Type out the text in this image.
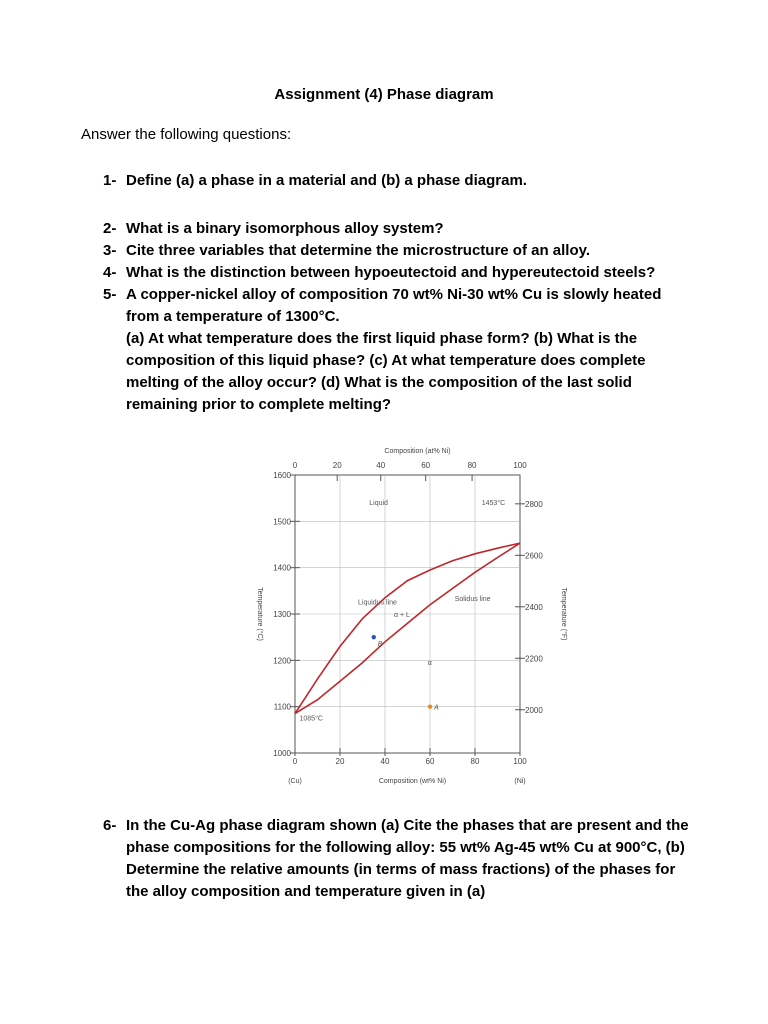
Assignment (4) Phase diagram
Answer the following questions:
1- Define (a) a phase in a material and (b) a phase diagram.
2- What is a binary isomorphous alloy system?
3- Cite three variables that determine the microstructure of an alloy.
4- What is the distinction between hypoeutectoid and hypereutectoid steels?
5- A copper-nickel alloy of composition 70 wt% Ni-30 wt% Cu is slowly heated from a temperature of 1300°C.
(a) At what temperature does the first liquid phase form? (b) What is the composition of this liquid phase? (c) At what temperature does complete melting of the alloy occur? (d) What is the composition of the last solid remaining prior to complete melting?
1000
1100
1200
1300
1400
1500
1600
2000
2200
2400
2600
2800
0	20	40	60	80	100
0	20	40	60	80	100
Composition (at% Ni)
Composition (wt% Ni)
(Cu)	(Ni)
Temperature (°C)	Temperature (°F)
Liquid	1453°C
Liquidus line	Solidus line
α + L
α
1085°C
A
B
6- In the Cu-Ag phase diagram shown (a) Cite the phases that are present and the phase compositions for the following alloy: 55 wt% Ag-45 wt% Cu at 900°C, (b) Determine the relative amounts (in terms of mass fractions) of the phases for the alloy composition and temperature given in (a)
